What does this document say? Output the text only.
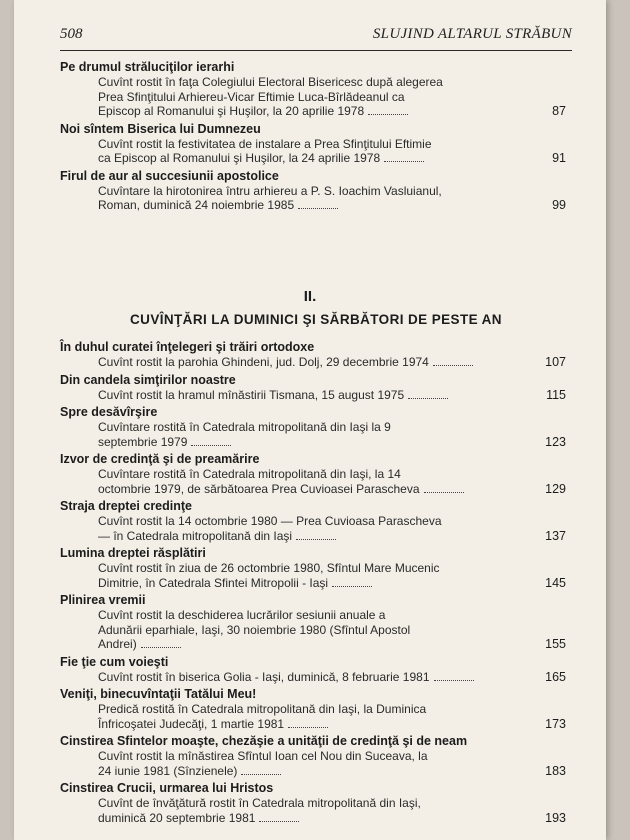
508	SLUJIND ALTARUL STRĂBUN
Pe drumul străluciţilor ierarhi
Cuvînt rostit în faţa Colegiului Electoral Bisericesc după alegerea
Prea Sfinţitului Arhiereu-Vicar Eftimie Luca-Bîrlădeanul ca
Episcop al Romanului şi Huşilor, la 20 aprilie 1978	87
Noi sîntem Biserica lui Dumnezeu
Cuvînt rostit la festivitatea de instalare a Prea Sfinţitului Eftimie
ca Episcop al Romanului şi Huşilor, la 24 aprilie 1978	91
Firul de aur al succesiunii apostolice
Cuvîntare la hirotonirea întru arhiereu a P. S. Ioachim Vasluianul,
Roman, duminică 24 noiembrie 1985	99
II.
CUVÎNŢĂRI LA DUMINICI ŞI SĂRBĂTORI DE PESTE AN
În duhul curatei înţelegeri şi trăiri ortodoxe
Cuvînt rostit la parohia Ghindeni, jud. Dolj, 29 decembrie 1974	107
Din candela simţirilor noastre
Cuvînt rostit la hramul mînăstirii Tismana, 15 august 1975	115
Spre desăvîrşire
Cuvîntare rostită în Catedrala mitropolitană din Iaşi la 9
septembrie 1979	123
Izvor de credinţă şi de preamărire
Cuvîntare rostită în Catedrala mitropolitană din Iaşi, la 14
octombrie 1979, de sărbătoarea Prea Cuvioasei Parascheva	129
Straja dreptei credinţe
Cuvînt rostit la 14 octombrie 1980 — Prea Cuvioasa Parascheva
— în Catedrala mitropolitană din Iaşi	137
Lumina dreptei răsplătiri
Cuvînt rostit în ziua de 26 octombrie 1980, Sfîntul Mare Mucenic
Dimitrie, în Catedrala Sfintei Mitropolii - Iaşi	145
Plinirea vremii
Cuvînt rostit la deschiderea lucrărilor sesiunii anuale a
Adunării eparhiale, Iaşi, 30 noiembrie 1980 (Sfîntul Apostol
Andrei)	155
Fie ţie cum voieşti
Cuvînt rostit în biserica Golia - Iaşi, duminică, 8 februarie 1981	165
Veniţi, binecuvîntaţii Tatălui Meu!
Predică rostită în Catedrala mitropolitană din Iaşi, la Duminica
Înfricoşatei Judecăţi, 1 martie 1981	173
Cinstirea Sfintelor moaşte, chezăşie a unităţii de credinţă şi de neam
Cuvînt rostit la mînăstirea Sfîntul Ioan cel Nou din Suceava, la
24 iunie 1981 (Sînzienele)	183
Cinstirea Crucii, urmarea lui Hristos
Cuvînt de învăţătură rostit în Catedrala mitropolitană din Iaşi,
duminică 20 septembrie 1981	193
